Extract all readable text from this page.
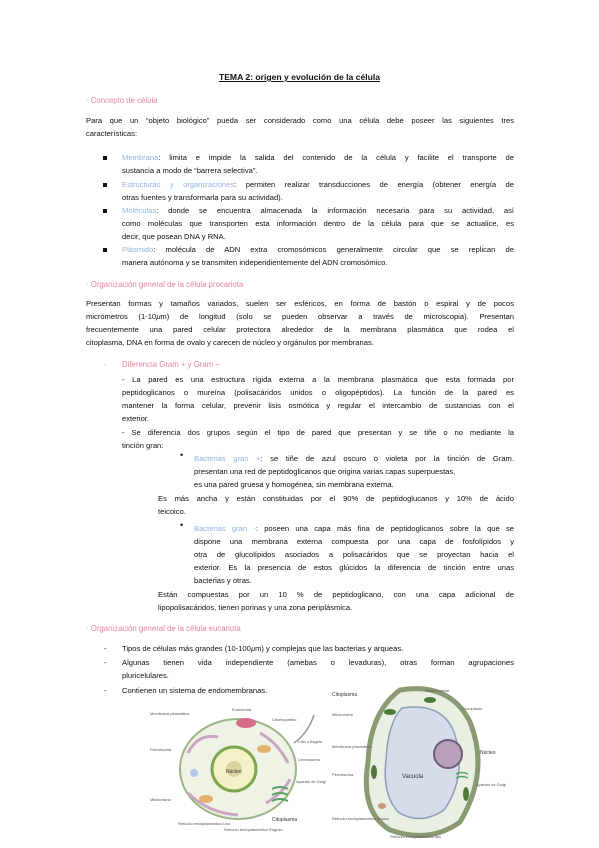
TEMA 2: origen y evolución de la célula
· Concepto de célula
Para que un “objeto biológico” pueda ser considerado como una célula debe poseer las siguientes tres
características:
Membrana: limita e impide la salida del contenido de la célula y facilite el transporte de
sustancia a modo de “barrera selectiva”.
Estructuras y organizaciones: permiten realizar transducciones de energía (obtener energía de
otras fuentes y transformarla para su actividad).
Moléculas: donde se encuentra almacenada la información necesaria para su actividad, así
como moléculas que transporten esta información dentro de la célula para que se actualice, es
decir, que posean DNA y RNA.
Plásmido: molécula de ADN extra cromosómicos generalmente circular que se replican de
manera autónoma y se transmiten independientemente del ADN cromosómico.
· Organización general de la célula procariota
Presentan formas y tamaños variados, suelen ser esféricos, en forma de bastón o espiral y de pocos
micrómetros (1-10𝜇m) de longitud (solo se pueden observar a través de microscopia). Presentan
frecuentemente una pared celular protectora alrededor de la membrana plasmática que rodea el
citoplasma, DNA en forma de ovalo y carecen de núcleo y orgánulos por membranas.
- Diferencia Gram + y Gram –
- La pared es una estructura rígida externa a la membrana plasmática que esta formada por
peptidoglicanos o mureína (polisacáridos unidos o oligopéptidos). La función de la pared es
mantener la forma celular, prevenir lisis osmótica y regular el intercambio de sustancias con el
exterior.
- Se diferencia dos grupos según el tipo de pared que presentan y se tiñe o no mediante la
tinción gran:
• Bacterias gran +: se tiñe de azul oscuro o violeta por la tinción de Gram.
presentan una red de peptidoglicanos que origina varias capas superpuestas,
es una pared gruesa y homogénea, sin membrana externa.
Es más ancha y están constituidas por el 90% de peptidoglucanos y 10% de ácido
teicoico.
• Bacterias gran -: poseen una capa más fina de peptidoglicanos sobre la que se
dispone una membrana externa compuesta por una capa de fosfolípidos y
otra de glucolípidos asociados a polisacáridos que se proyectan hacia el
exterior. Es la presencia de estos glúcidos la diferencia de tinción entre unas
bacterias y otras.
Están compuestas por un 10 % de peptidoglicano, con una capa adicional de
lipopolisacáridos, tienen porinas y una zona periplásmica.
· Organización general de la célula eucariota
- Tipos de células más grandes (10-100𝜇m) y complejas que las bacterias y arqueas.
- Algunas tienen vida independiente (amebas o levaduras), otras forman agrupaciones
pluricelulares.
- Contienen un sistema de endomembranas.
Membrana plasmática
Endosoma
Citoesqueleto
Cilio o flagelo
Peroxisoma
Centrosoma
Núcleo
Aparato de Golgi
Mitocondria
Citoplasma
Retículo endoplasmático Liso
Retículo endoplasmático Rugoso
Citoplasma
Pared celular
Mitocondria
Cloroplasto
Membrana plasmática
Núcleo
Peroxisoma	Vacuola
Aparato de Golgi
Retículo endoplasmático rugoso
Retículo endoplasmático liso
